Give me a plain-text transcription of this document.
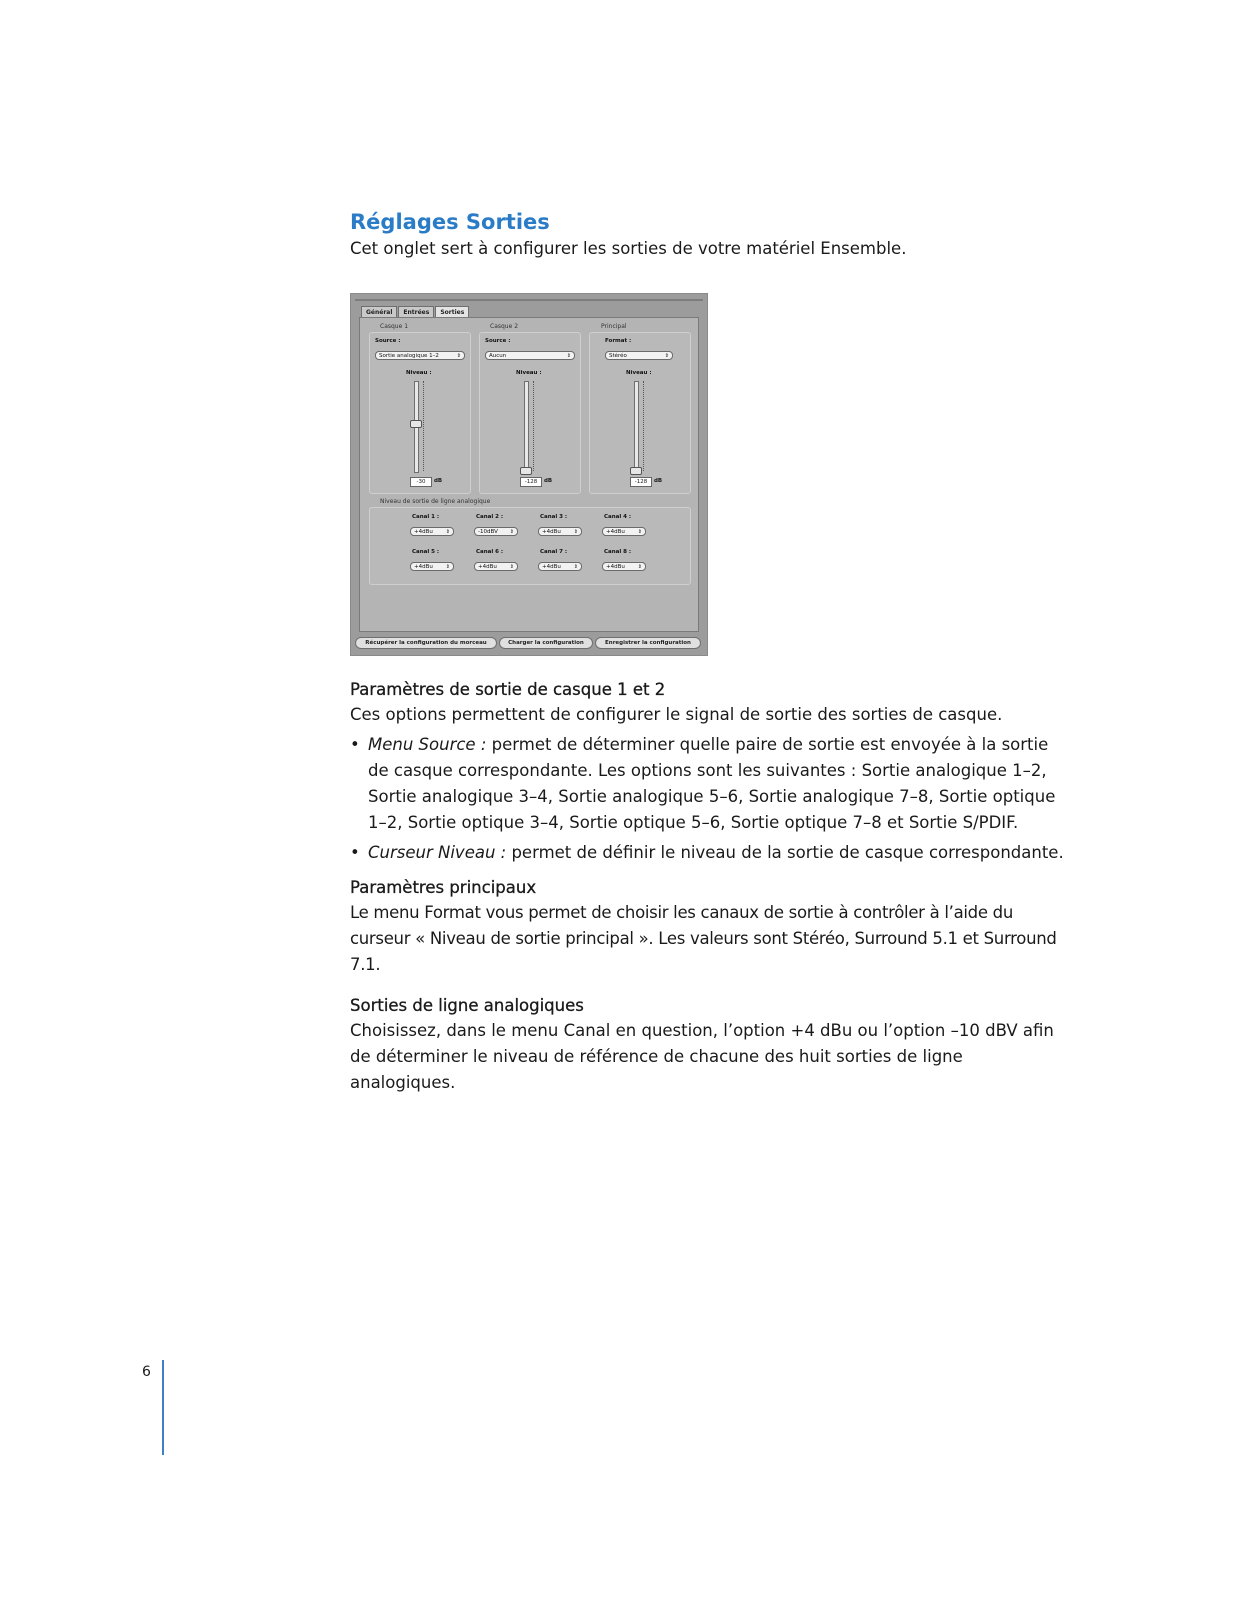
Réglages Sorties

Cet onglet sert à configurer les sorties de votre matériel Ensemble.

Général	Entrées	Sorties
Casque 1
Source :
Sortie analogique 1–2	⇕
Niveau :
-30	dB
Casque 2
Source :
Aucun	⇕
Niveau :
-128	dB
Principal
Format :
Stéréo	⇕
Niveau :
-128	dB
Niveau de sortie de ligne analogique
Canal 1 :
+4dBu	⇕
Canal 2 :
-10dBV ⇕
Canal 3 :
+4dBu	⇕
Canal 4 :
+4dBu	⇕
Canal 5 :
+4dBu	⇕
Canal 6 :
+4dBu	⇕
Canal 7 :
+4dBu	⇕
Canal 8 :
+4dBu	⇕
Récupérer la configuration du morceau	Charger la configuration	Enregistrer la configuration
Paramètres de sortie de casque 1 et 2

Ces options permettent de configurer le signal de sortie des sorties de casque.

• Menu Source : permet de déterminer quelle paire de sortie est envoyée à la sortie de casque correspondante. Les options sont les suivantes : Sortie analogique 1–2, Sortie analogique 3–4, Sortie analogique 5–6, Sortie analogique 7–8, Sortie optique 1–2, Sortie optique 3–4, Sortie optique 5–6, Sortie optique 7–8 et Sortie S/PDIF.
• Curseur Niveau : permet de définir le niveau de la sortie de casque correspondante.
Paramètres principaux

Le menu Format vous permet de choisir les canaux de sortie à contrôler à l’aide du curseur « Niveau de sortie principal ». Les valeurs sont Stéréo, Surround 5.1 et Surround 7.1.

Sorties de ligne analogiques

Choisissez, dans le menu Canal en question, l’option +4 dBu ou l’option –10 dBV afin de déterminer le niveau de référence de chacune des huit sorties de ligne analogiques.

6
